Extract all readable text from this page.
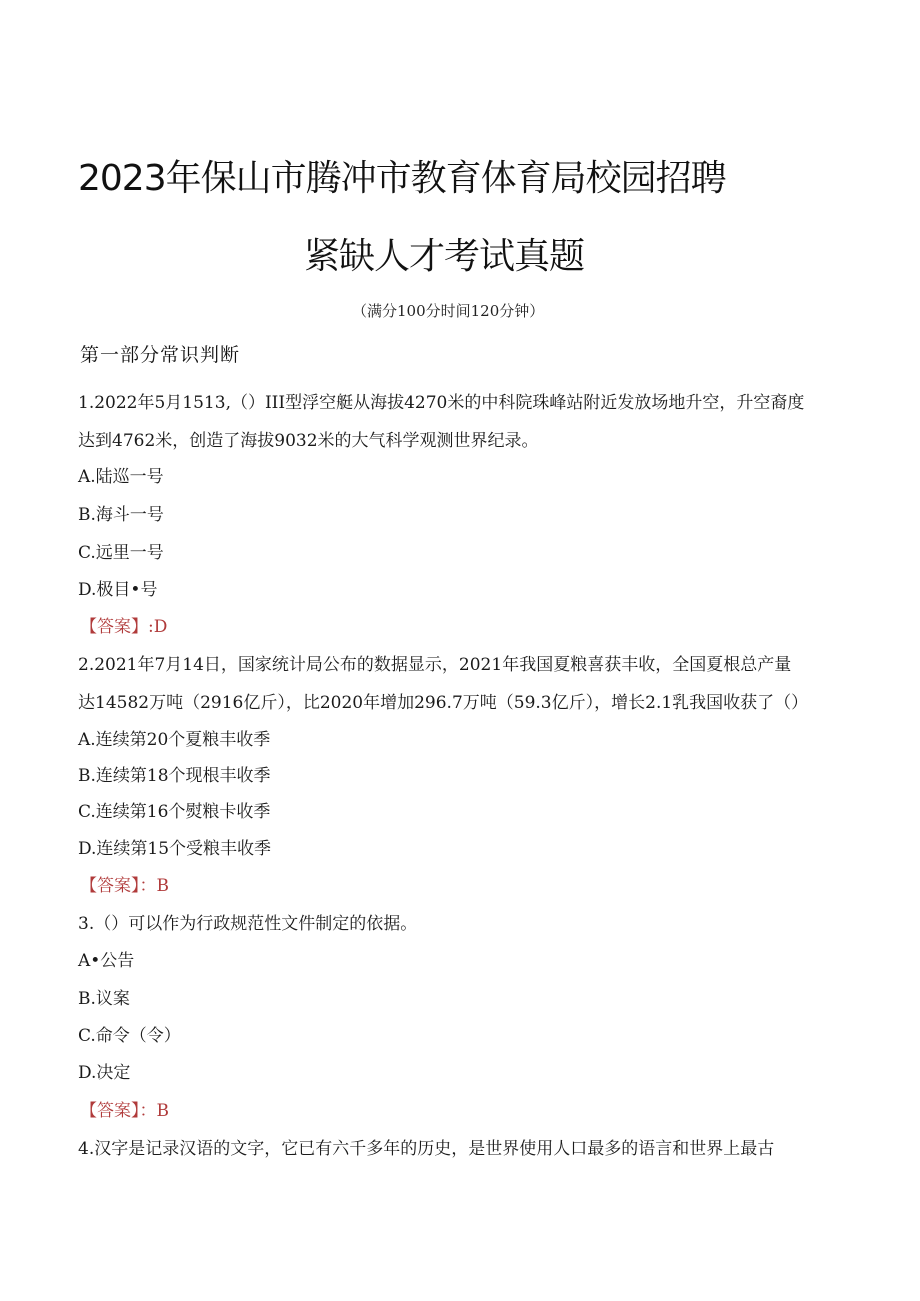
2023年保山市腾冲市教育体育局校园招聘
紧缺人才考试真题
（满分100分时间120分钟）
第一部分常识判断
1.2022年5月1513,（）III型浮空艇从海拔4270米的中科院珠峰站附近发放场地升空，升空裔度
达到4762米，创造了海拔9032米的大气科学观测世界纪录。
A.陆巡一号
B.海斗一号
C.远里一号
D.极目•号
【答案】:D
2.2021年7月14日，国家统计局公布的数据显示，2021年我国夏粮喜获丰收，全国夏根总产量
达14582万吨（2916亿斤），比2020年增加296.7万吨（59.3亿斤），增长2.1乳我国收获了（）
A.连续第20个夏粮丰收季
B.连续第18个现根丰收季
C.连续第16个熨粮卡收季
D.连续第15个受粮丰收季
【答案】：B
3.（）可以作为行政规范性文件制定的依据。
A•公告
B.议案
C.命令（令）
D.决定
【答案】：B
4.汉字是记录汉语的文字，它已有六千多年的历史，是世界使用人口最多的语言和世界上最古
